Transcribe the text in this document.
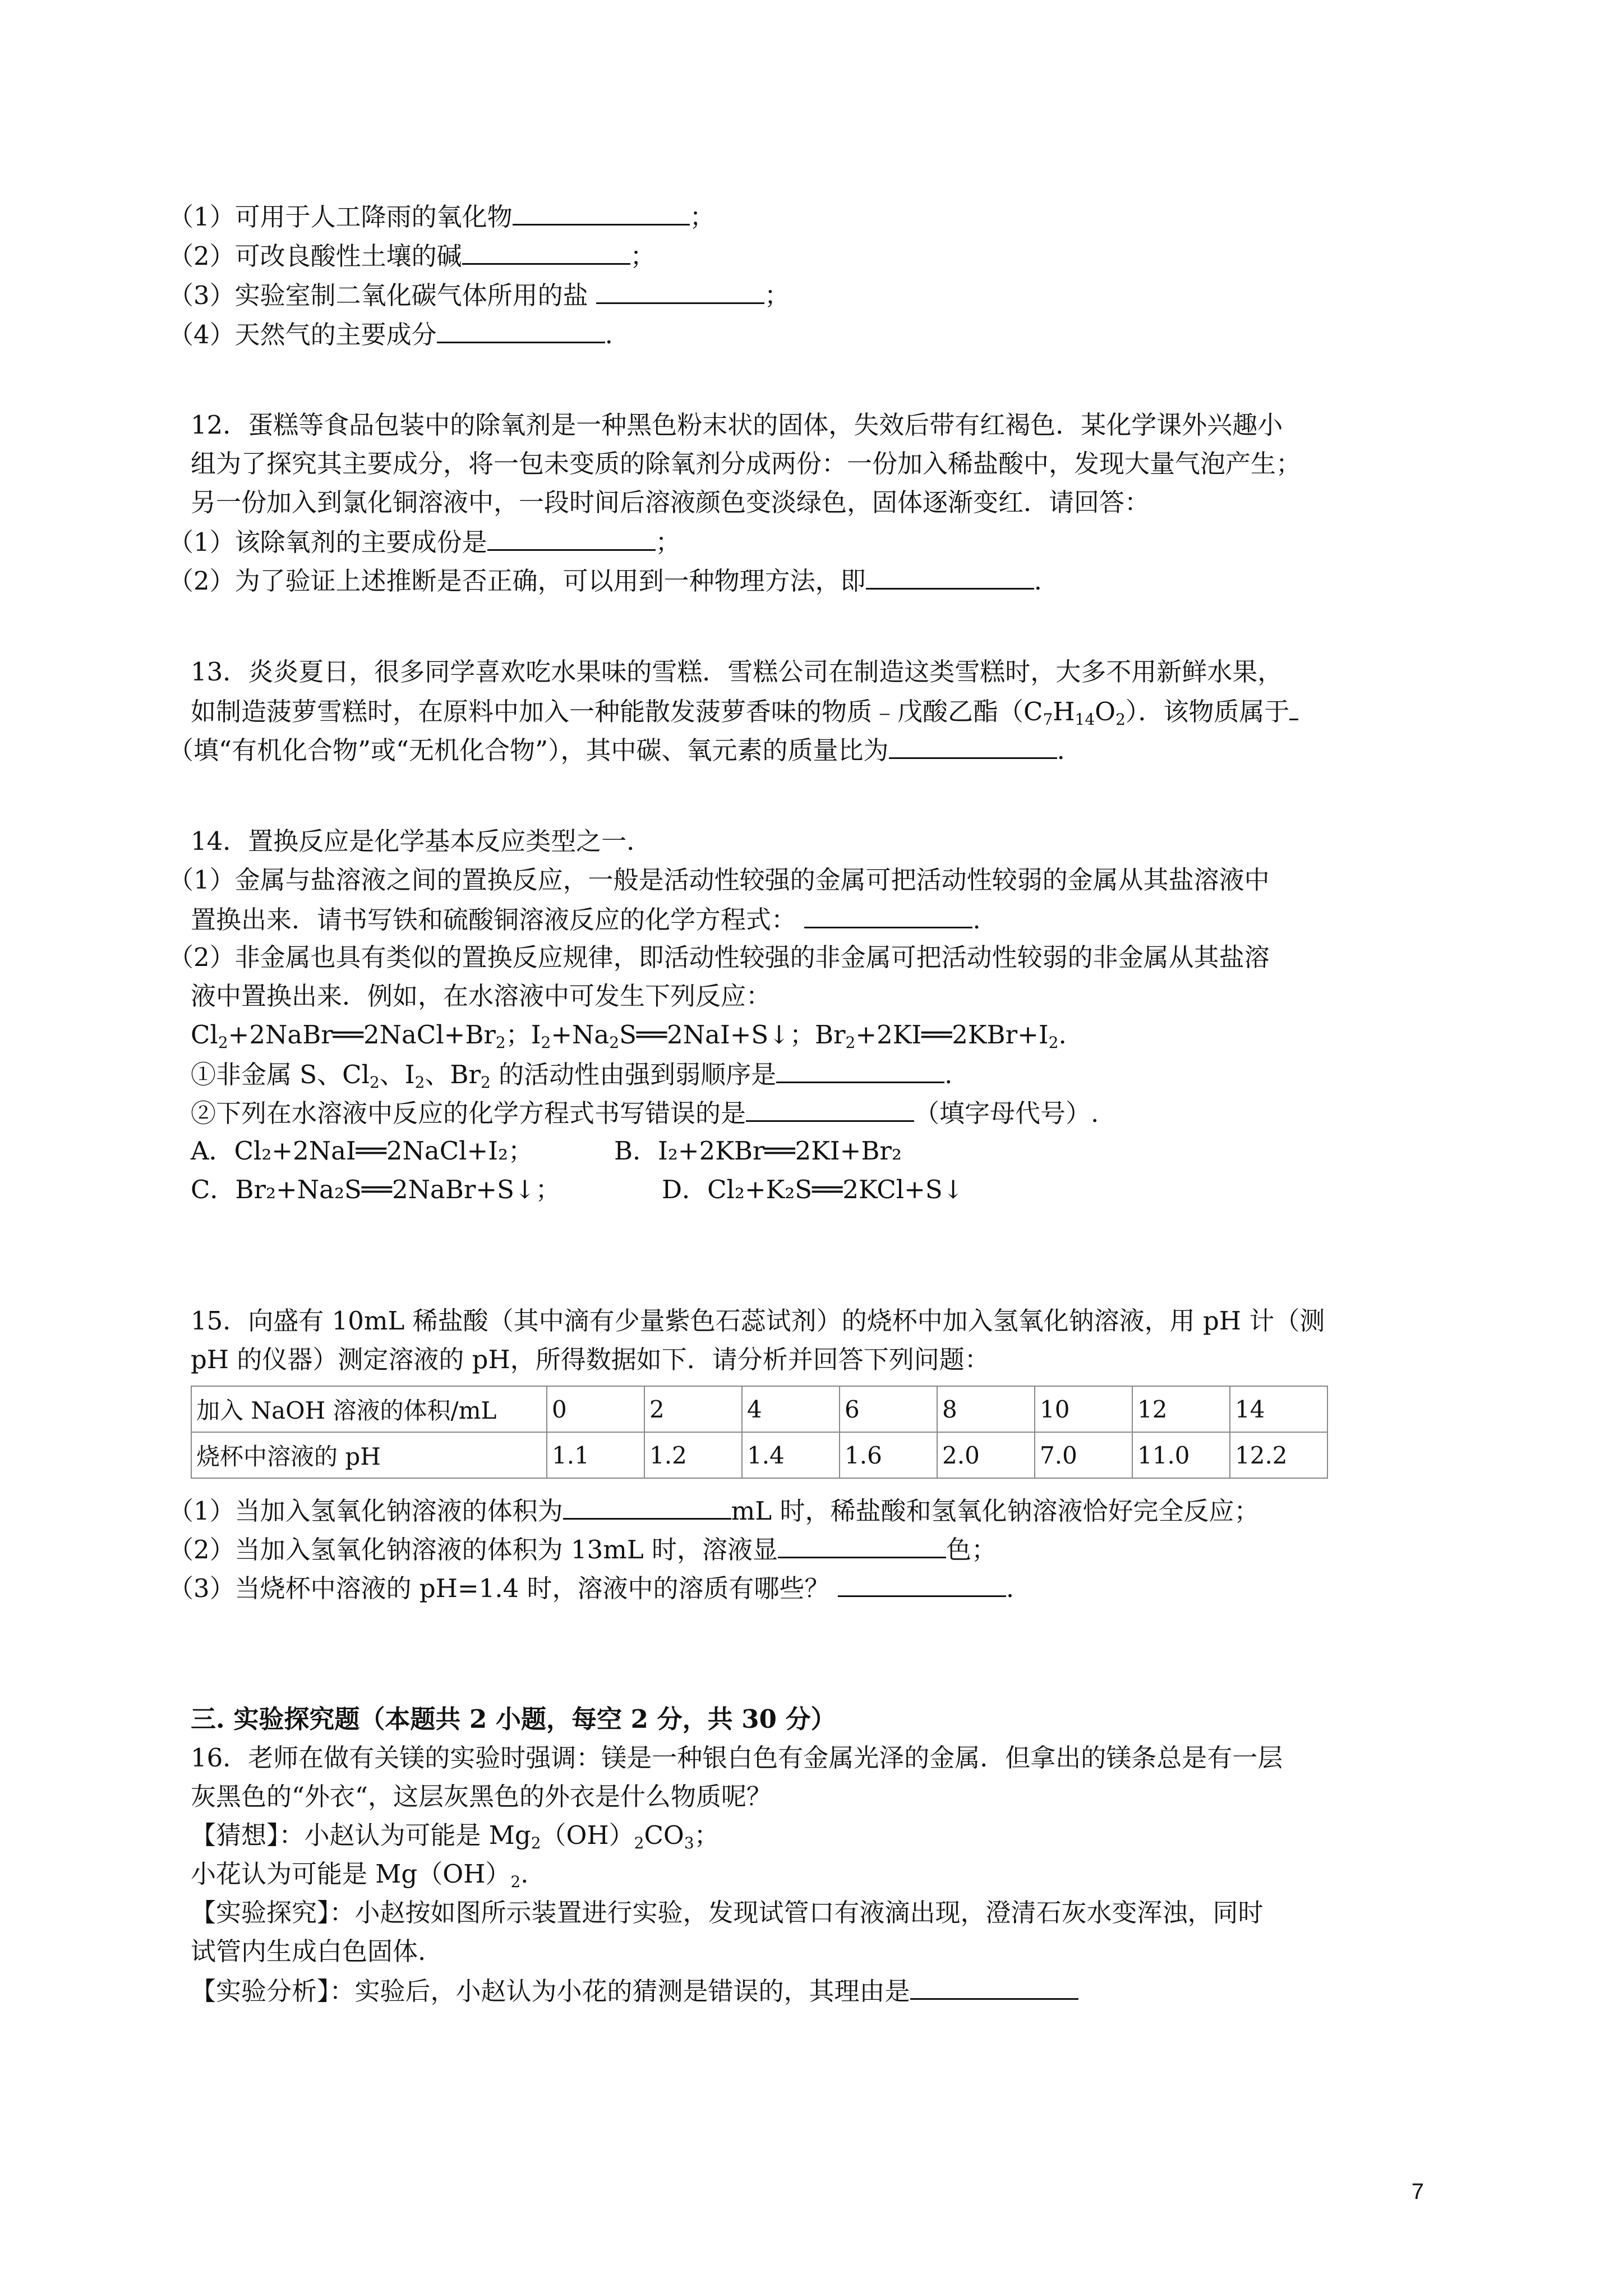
（1）可用于人工降雨的氧化物	；
（2）可改良酸性土壤的碱	；
（3）实验室制二氧化碳气体所用的盐	；
（4）天然气的主要成分	.
12．蛋糕等食品包装中的除氧剂是一种黑色粉末状的固体，失效后带有红褐色．某化学课外兴趣小
组为了探究其主要成分，将一包未变质的除氧剂分成两份：一份加入稀盐酸中，发现大量气泡产生；
另一份加入到氯化铜溶液中，一段时间后溶液颜色变淡绿色，固体逐渐变红．请回答：
（1）该除氧剂的主要成份是	；
（2）为了验证上述推断是否正确，可以用到一种物理方法，即	.
13．炎炎夏日，很多同学喜欢吃水果味的雪糕．雪糕公司在制造这类雪糕时，大多不用新鲜水果，
如制造菠萝雪糕时，在原料中加入一种能散发菠萝香味的物质﹣戊酸乙酯$(C_7H_{14}O_2)$．该物质属于
（填“有机化合物”或“无机化合物”），其中碳、氧元素的质量比为	.
14．置换反应是化学基本反应类型之一．
（1）金属与盐溶液之间的置换反应，一般是活动性较强的金属可把活动性较弱的金属从其盐溶液中
置换出来．请书写铁和硫酸铜溶液反应的化学方程式：	.
（2）非金属也具有类似的置换反应规律，即活动性较强的非金属可把活动性较弱的非金属从其盐溶
液中置换出来．例如，在水溶液中可发生下列反应：
$Cl_2+2NaBr══2NaCl+Br_2$；$I_2+Na_2S══2NaI+S↓$；$Br_2+2KI══2KBr+I_2$.
①非金属 S、$Cl_2$、$I_2$、$Br_2$ 的活动性由强到弱顺序是	.
②下列在水溶液中反应的化学方程式书写错误的是	（填字母代号）.
A．Cl₂+2NaI══2NaCl+I₂；	B．I₂+2KBr══2KI+Br₂
C．Br₂+Na₂S══2NaBr+S↓；	D．Cl₂+K₂S══2KCl+S↓
15．向盛有 10mL 稀盐酸（其中滴有少量紫色石蕊试剂）的烧杯中加入氢氧化钠溶液，用 pH 计（测
pH 的仪器）测定溶液的 pH，所得数据如下．请分析并回答下列问题：
加入 NaOH 溶液的体积/mL	0	2	4	6	8	10	12	14
烧杯中溶液的 pH	1.1	1.2	1.4	1.6	2.0	7.0	11.0	12.2
（1）当加入氢氧化钠溶液的体积为	mL 时，稀盐酸和氢氧化钠溶液恰好完全反应；
（2）当加入氢氧化钠溶液的体积为 13mL 时，溶液显	色；
（3）当烧杯中溶液的 pH=1.4 时，溶液中的溶质有哪些？	.
三. 实验探究题（本题共 2 小题，每空 2 分，共 30 分）
16．老师在做有关镁的实验时强调：镁是一种银白色有金属光泽的金属．但拿出的镁条总是有一层
灰黑色的“外衣“，这层灰黑色的外衣是什么物质呢？
【猜想】：小赵认为可能是 $Mg_2(OH)_2CO_3$；
小花认为可能是 $Mg(OH)_2$.
【实验探究】：小赵按如图所示装置进行实验，发现试管口有液滴出现，澄清石灰水变浑浊，同时
试管内生成白色固体.
【实验分析】：实验后，小赵认为小花的猜测是错误的，其理由是
7
